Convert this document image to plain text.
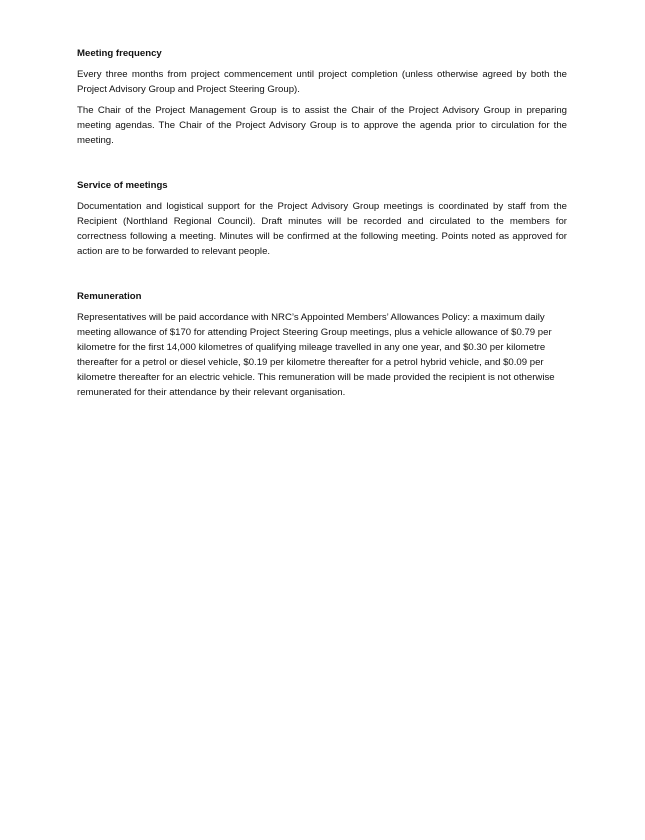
Meeting frequency

Every three months from project commencement until project completion (unless otherwise agreed by both the Project Advisory Group and Project Steering Group).

The Chair of the Project Management Group is to assist the Chair of the Project Advisory Group in preparing meeting agendas. The Chair of the Project Advisory Group is to approve the agenda prior to circulation for the meeting.

Service of meetings

Documentation and logistical support for the Project Advisory Group meetings is coordinated by staff from the Recipient (Northland Regional Council). Draft minutes will be recorded and circulated to the members for correctness following a meeting. Minutes will be confirmed at the following meeting. Points noted as approved for action are to be forwarded to relevant people.

Remuneration

Representatives will be paid accordance with NRC’s Appointed Members’ Allowances Policy: a maximum daily meeting allowance of $170 for attending Project Steering Group meetings, plus a vehicle allowance of $0.79 per kilometre for the first 14,000 kilometres of qualifying mileage travelled in any one year, and $0.30 per kilometre thereafter for a petrol or diesel vehicle, $0.19 per kilometre thereafter for a petrol hybrid vehicle, and $0.09 per kilometre thereafter for an electric vehicle. This remuneration will be made provided the recipient is not otherwise remunerated for their attendance by their relevant organisation.
